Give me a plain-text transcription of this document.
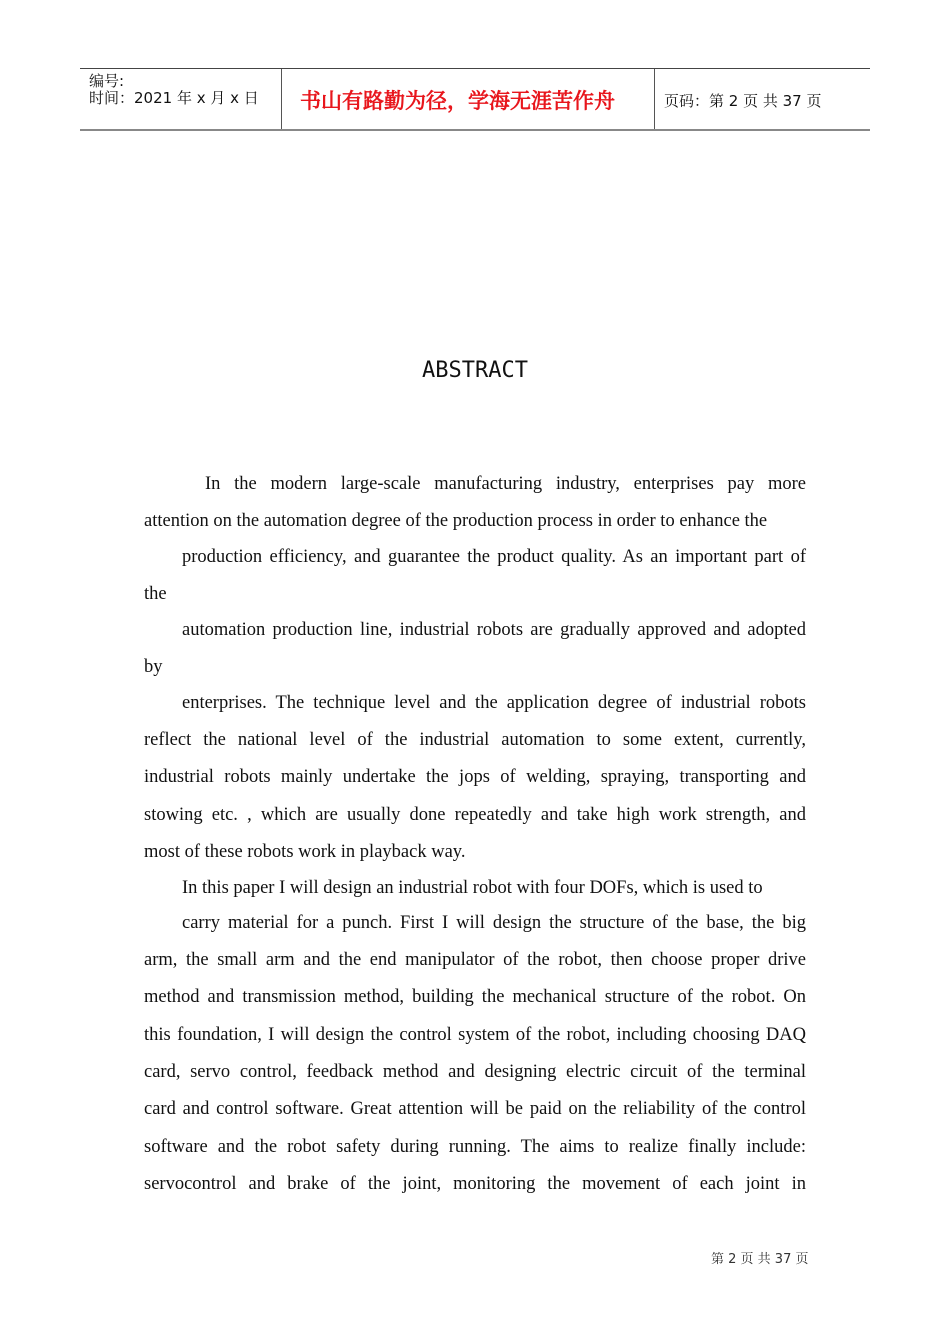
编号:
时间：2021 年 x 月 x 日 书山有路勤为径，学海无涯苦作舟	页码：第 2 页 共 37 页
ABSTRACT
In the modern large-scale manufacturing industry, enterprises pay more
attention on the automation degree of the production process in order to enhance the
production efficiency, and guarantee the product quality. As an important part of
the
automation production line, industrial robots are gradually approved and adopted
by
enterprises. The technique level and the application degree of industrial robots
reflect the national level of the industrial automation to some extent, currently,
industrial robots mainly undertake the jops of welding, spraying, transporting and
stowing etc. , which are usually done repeatedly and take high work strength, and
most of these robots work in playback way.
In this paper I will design an industrial robot with four DOFs, which is used to
carry material for a punch. First I will design the structure of the base, the big
arm, the small arm and the end manipulator of the robot, then choose proper drive
method and transmission method, building the mechanical structure of the robot. On
this foundation, I will design the control system of the robot, including choosing DAQ
card, servo control, feedback method and designing electric circuit of the terminal
card and control software. Great attention will be paid on the reliability of the control
software and the robot safety during running. The aims to realize finally include:
servocontrol and brake of the joint, monitoring the movement of each joint in
第 2 页 共 37 页
